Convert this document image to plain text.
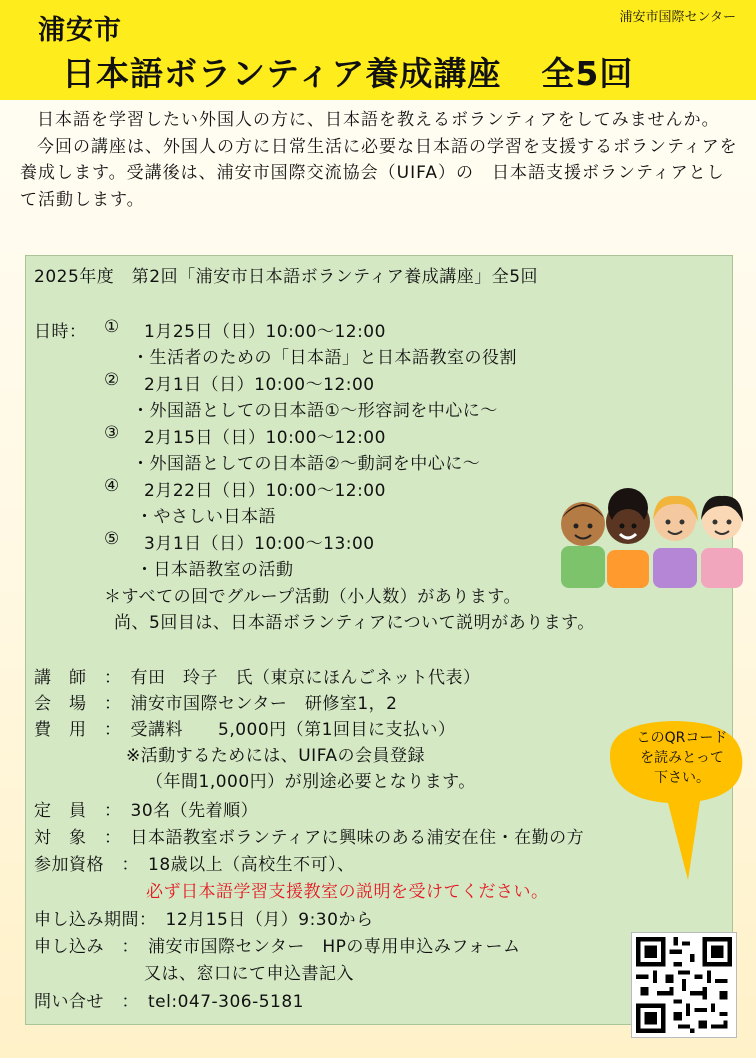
浦安市国際センター
浦安市
日本語ボランティア養成講座 全5回

日本語を学習したい外国人の方に、日本語を教えるボランティアをしてみませんか。

今回の講座は、外国人の方に日常生活に必要な日本語の学習を支援するボランティアを養成します。受講後は、浦安市国際交流協会（UIFA）の　日本語支援ボランティアとして活動します。

2025年度　第2回「浦安市日本語ボランティア養成講座」全5回
日時： ① 1月25日（日）10:00～12:00
・生活者のための「日本語」と日本語教室の役割
② 2月1日（日）10:00～12:00
・外国語としての日本語①～形容詞を中心に～
③ 2月15日（日）10:00～12:00
・外国語としての日本語②～動詞を中心に～
④ 2月22日（日）10:00～12:00
・やさしい日本語
⑤ 3月1日（日）10:00～13:00
・日本語教室の活動
＊すべての回でグループ活動（小人数）があります。
尚、5回目は、日本語ボランティアについて説明があります。
講　師　：　有田　玲子　氏（東京にほんごネット代表）
会　場　：　浦安市国際センター　研修室1，2
費　用　：　受講料　　5,000円（第1回目に支払い）
※活動するためには、UIFAの会員登録
（年間1,000円）が別途必要となります。
定　員　：　30名（先着順）
対　象　：　日本語教室ボランティアに興味のある浦安在住・在勤の方
参加資格　：　18歳以上（高校生不可）、
必ず日本語学習支援教室の説明を受けてください。
申し込み期間：　12月15日（月）9:30から
申し込み　：　浦安市国際センター　HPの専用申込みフォーム
又は、窓口にて申込書記入
問い合せ　：　tel:047-306-5181
このQRコード
を読みとって
下さい。
